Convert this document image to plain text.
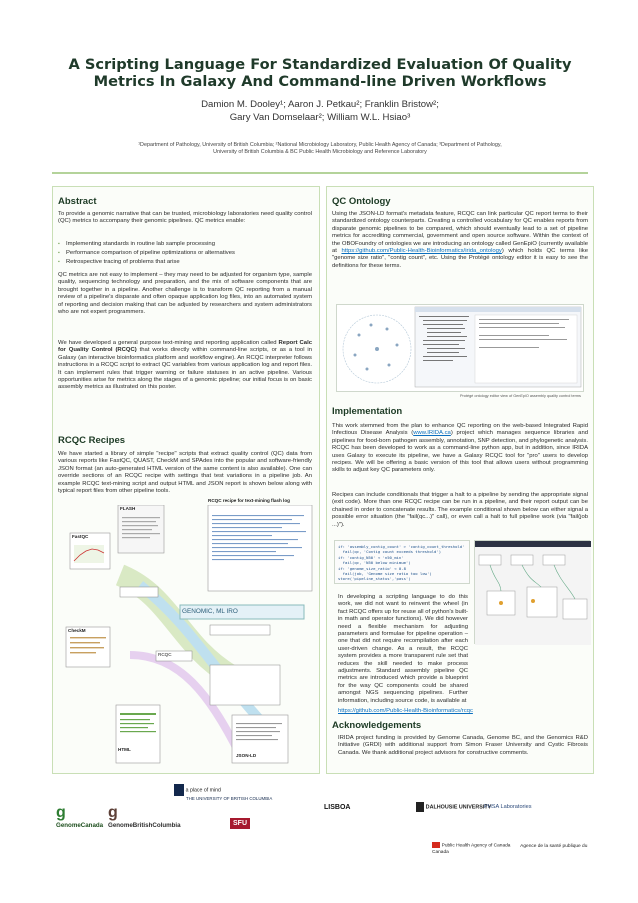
A Scripting Language For Standardized Evaluation Of Quality
Metrics In Galaxy And Command-line Driven Workflows
Damion M. Dooley¹; Aaron J. Petkau²; Franklin Bristow²;
Gary Van Domselaar²; William W.L. Hsiao³
¹Department of Pathology, University of British Columbia; ²National Microbiology Laboratory, Public Health Agency of Canada; ³Department of Pathology,
University of British Columbia & BC Public Health Microbiology and Reference Laboratory
Abstract
To provide a genomic narrative that can be trusted, microbiology laboratories need quality control (QC) metrics to accompany their genomic pipelines. QC metrics enable:
▪ Implementing standards in routine lab sample processing
▪ Performance comparison of pipeline optimizations or alternatives
▪ Retrospective tracing of problems that arise
QC metrics are not easy to implement – they may need to be adjusted for organism type, sample quality, sequencing technology and preparation, and the mix of software components that are brought together in a pipeline. Another challenge is to transform QC reporting from a manual review of a pipeline's disparate and often opaque application log files, into an automated system of reporting and decision making that can be adjusted by researchers and system administrators who are not expert programmers.
We have developed a general purpose text-mining and reporting application called Report Calc for Quality Control (RCQC) that works directly within command-line scripts, or as a tool in Galaxy (an interactive bioinformatics platform and workflow engine). An RCQC interpreter follows instructions in a RCQC script to extract QC variables from various application log and report files. It can implement rules that trigger warning or failure statuses in an active pipeline. Various opportunities arise for metrics along the stages of a genomic pipeline; our initial focus is on basic assembly metrics as illustrated on this poster.
RCQC Recipes
We have started a library of simple "recipe" scripts that extract quality control (QC) data from various reports like FastQC, QUAST, CheckM and SPAdes into the popular and software-friendly JSON format (an auto-generated HTML version of the same content is also available). One can override sections of an RCQC recipe with settings that test variations in a pipeline job. An example RCQC text-mining script and output HTML and JSON report is shown below along with typical report files from other pipeline tools.
FLASH
RCQC recipe for text-mining flash log
FastQC
CheckM
GENOMIC, ML IRO
RCQC
HTML
JSON-LD
QC Ontology
Using the JSON-LD format's metadata feature, RCQC can link particular QC report terms to their standardized ontology counterparts. Creating a controlled vocabulary for QC enables reports from disparate genomic pipelines to be compared, which should eventually lead to a set of pipeline metrics for accrediting commercial, government and open source software. Within the context of the OBOFoundry of ontologies we are introducing an ontology called GenEpiO (currently available at https://github.com/Public-Health-Bioinformatics/irida_ontology) which holds QC terms like "genome size ratio", "contig count", etc. Using the Protégé ontology editor it is easy to see the definitions for these terms.
Protégé ontology editor view of GenEpiO assembly quality control terms
Implementation
This work stemmed from the plan to enhance QC reporting on the web-based Integrated Rapid Infectious Disease Analysis (www.IRIDA.ca) project which manages sequence libraries and pipelines for food-born pathogen assembly, annotation, SNP detection, and phylogenetic analysis. RCQC has been developed to work as a command-line python app, but in addition, since IRIDA uses Galaxy to execute its pipeline, we have a Galaxy RCQC tool for "pro" users to develop recipes. We will be offering a basic version of this tool that allows users without programming skills to adjust key QC parameters only.
Recipes can include conditionals that trigger a halt to a pipeline by sending the appropriate signal (exit code). More than one RCQC recipe can be run in a pipeline, and their report output can be chained in order to concatenate results. The example conditional shown below can either signal a possible error situation (the "fail(qc...)" call), or even call a halt to full pipeline work (via "fail(job ...)").
if: 'assembly_contig_count' > 'contig_count_threshold'
fail(qc, 'Contig count exceeds threshold')
if: 'contig_N50' < 'n50_min'
fail(qc, 'N50 below minimum')
if: 'genome_size_ratio' < 0.8
fail(job, 'Genome size ratio too low')
store('pipeline_status','pass')
In developing a scripting language to do this work, we did not want to reinvent the wheel (in fact RCQC offers up for reuse all of python's built-in math and operator functions). We did however need a flexible mechanism for adjusting parameters and formulae for pipeline operation – one that did not require recompilation after each user-driven change. As a result, the RCQC system provides a more transparent rule set that reduces the skill needed to make process adjustments. Standard assembly pipeline QC metrics are introduced which provide a blueprint for the way QC components could be shared amongst NGS sequencing pipelines. Further information, including source code, is available at
https://github.com/Public-Health-Bioinformatics/rcqc
Acknowledgements
IRIDA project funding is provided by Genome Canada, Genome BC, and the Genomics R&D Initiative (GRDI) with additional support from Simon Fraser University and Cystic Fibrosis Canada. We thank additional project advisors for constructive comments.
g
GenomeCanada
g
GenomeBritishColumbia
a place of mind
THE UNIVERSITY OF BRITISH COLUMBIA
SFU
LISBOA	DALHOUSIE UNIVERSITY
PHSA Laboratories
Public Health Agency of Canada Agence de la santé publique du Canada
